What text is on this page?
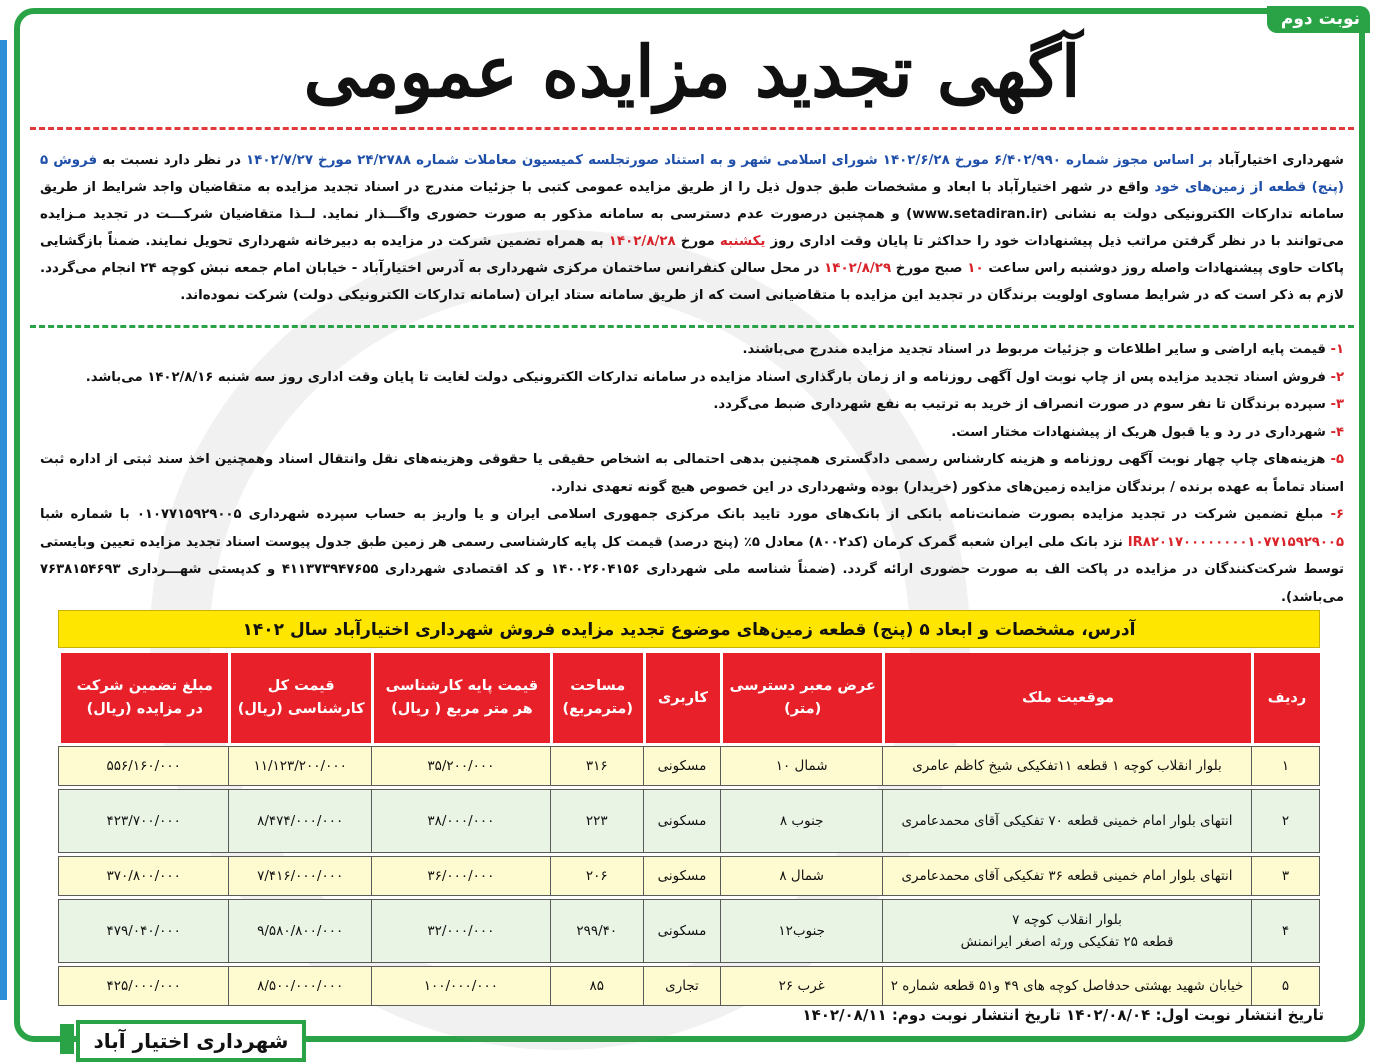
نوبت دوم
آگهی تجدید مزایده عمومی
شهرداری اختیارآباد بر اساس مجوز شماره ۶/۴۰۲/۹۹۰ مورخ ۱۴۰۲/۶/۲۸ شورای اسلامی شهر و به استناد صورتجلسه کمیسیون معاملات شماره ۲۴/۲۷۸۸ مورخ ۱۴۰۲/۷/۲۷ در نظر دارد نسبت به فروش ۵ (پنج) قطعه از زمین‌های خود واقع در شهر اختیارآباد با ابعاد و مشخصات طبق جدول ذیل را از طریق مزایده عمومی کتبی با جزئیات مندرج در اسناد تجدید مزایده به متقاضیان واجد شرایط از طریق سامانه تدارکات الکترونیکی دولت به نشانی (www.setadiran.ir) و همچنین درصورت عدم دسترسی به سامانه مذکور به صورت حضوری واگـــذار نماید. لــذا متقاضیان شرکـــت در تجدید مـزایده می‌توانند با در نظر گرفتن مراتب ذیل پیشنهادات خود را حداکثر تا پایان وقت اداری روز یکشنبه مورخ ۱۴۰۲/۸/۲۸ به همراه تضمین شرکت در مزایده به دبیرخانه شهرداری تحویل نمایند. ضمناً بازگشایی پاکات حاوی پیشنهادات واصله روز دوشنبه راس ساعت ۱۰ صبح مورخ ۱۴۰۲/۸/۲۹ در محل سالن کنفرانس ساختمان مرکزی شهرداری به آدرس اختیارآباد - خیابان امام جمعه نبش کوچه ۲۴ انجام می‌گردد. لازم به ذکر است که در شرایط مساوی اولویت برندگان در تجدید این مزایده با متقاضیانی است که از طریق سامانه ستاد ایران (سامانه تدارکات الکترونیکی دولت) شرکت نموده‌اند.

۱- قیمت پایه اراضی و سایر اطلاعات و جزئیات مربوط در اسناد تجدید مزایده مندرج می‌باشند.

۲- فروش اسناد تجدید مزایده پس از چاپ نوبت اول آگهی روزنامه و از زمان بارگذاری اسناد مزایده در سامانه تدارکات الکترونیکی دولت لغایت تا پایان وقت اداری روز سه شنبه ۱۴۰۲/۸/۱۶ می‌باشد.

۳- سپرده برندگان تا نفر سوم در صورت انصراف از خرید به ترتیب به نفع شهرداری ضبط می‌گردد.

۴- شهرداری در رد و یا قبول هریک از پیشنهادات مختار است.

۵- هزینه‌های چاپ چهار نوبت آگهی روزنامه و هزینه کارشناس رسمی دادگستری همچنین بدهی احتمالی به اشخاص حقیقی یا حقوقی وهزینه‌های نقل وانتقال اسناد وهمچنین اخذ سند ثبتی از اداره ثبت اسناد تماماً به عهده برنده / برندگان مزایده زمین‌های مذکور (خریدار) بوده وشهرداری در این خصوص هیچ گونه تعهدی ندارد.

۶- مبلغ تضمین شرکت در تجدید مزایده بصورت ضمانت‌نامه بانکی از بانک‌های مورد تایید بانک مرکزی جمهوری اسلامی ایران و یا واریز به حساب سپرده شهرداری ۰۱۰۷۷۱۵۹۲۹۰۰۵ با شماره شبا IR۸۲۰۱۷۰۰۰۰۰۰۰۰۱۰۷۷۱۵۹۲۹۰۰۵ نزد بانک ملی ایران شعبه گمرک کرمان (کد۸۰۰۲) معادل ۵٪ (پنج درصد) قیمت کل پایه کارشناسی رسمی هر زمین طبق جدول پیوست اسناد تجدید مزایده تعیین وبایستی توسط شرکت‌کنندگان در مزایده در پاکت الف به صورت حضوری ارائه گردد. (ضمناً شناسه ملی شهرداری ۱۴۰۰۲۶۰۴۱۵۶ و کد اقتصادی شهرداری ۴۱۱۳۷۳۹۴۷۶۵۵ و کدپستی شهـــرداری ۷۶۳۸۱۵۴۶۹۳ می‌باشد).

آدرس، مشخصات و ابعاد ۵ (پنج) قطعه زمین‌های موضوع تجدید مزایده فروش شهرداری اختیارآباد سال ۱۴۰۲
ردیف	موقعیت ملک	عرض معبر دسترسی (متر)	کاربری	مساحت (مترمربع)	قیمت پایه کارشناسی هر متر مربع ( ریال)	قیمت کل کارشناسی (ریال)	مبلغ تضمین شرکت در مزایده (ریال)
۱	بلوار انقلاب کوچه ۱ قطعه ۱۱تفکیکی شیخ کاظم عامری	شمال ۱۰	مسکونی	۳۱۶	۳۵/۲۰۰/۰۰۰	۱۱/۱۲۳/۲۰۰/۰۰۰	۵۵۶/۱۶۰/۰۰۰
۲	انتهای بلوار امام خمینی قطعه ۷۰ تفکیکی آقای محمدعامری	جنوب ۸	مسکونی	۲۲۳	۳۸/۰۰۰/۰۰۰	۸/۴۷۴/۰۰۰/۰۰۰	۴۲۳/۷۰۰/۰۰۰
۳	انتهای بلوار امام خمینی قطعه ۳۶ تفکیکی آقای محمدعامری	شمال ۸	مسکونی	۲۰۶	۳۶/۰۰۰/۰۰۰	۷/۴۱۶/۰۰۰/۰۰۰	۳۷۰/۸۰۰/۰۰۰
۴	بلوار انقلاب کوچه ۷
قطعه ۲۵ تفکیکی ورثه اصغر ایرانمنش	جنوب۱۲	مسکونی	۲۹۹/۴۰	۳۲/۰۰۰/۰۰۰	۹/۵۸۰/۸۰۰/۰۰۰	۴۷۹/۰۴۰/۰۰۰
۵	خیابان شهید بهشتی حدفاصل کوچه های ۴۹ و۵۱ قطعه شماره ۲	غرب ۲۶	تجاری	۸۵	۱۰۰/۰۰۰/۰۰۰	۸/۵۰۰/۰۰۰/۰۰۰	۴۲۵/۰۰۰/۰۰۰
تاریخ انتشار نوبت اول: ۱۴۰۲/۰۸/۰۴ تاریخ انتشار نوبت دوم: ۱۴۰۲/۰۸/۱۱
شهرداری اختیار آباد
